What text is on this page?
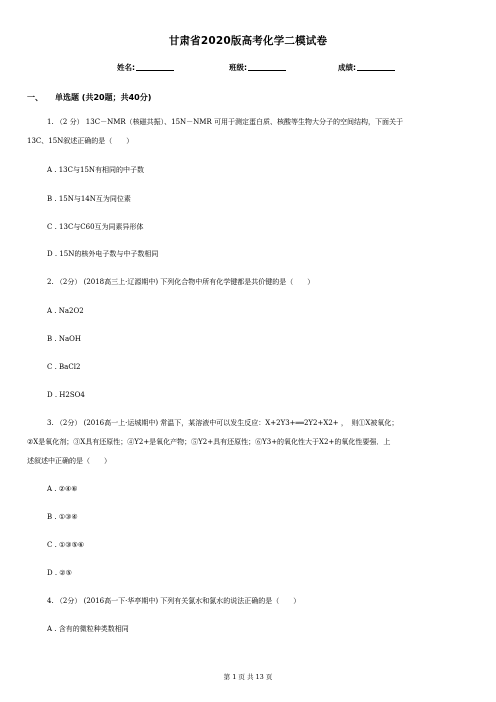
甘肃省2020版高考化学二模试卷
姓名:	班级:	成绩:
一、 单选题 (共20题；共40分)
1. （2 分） 13C－NMR（核磁共振）、15N－NMR 可用于测定蛋白质、核酸等生物大分子的空间结构，下面关于
13C、15N叙述正确的是（　　）
A . 13C与15N有相同的中子数
B . 15N与14N互为同位素
C . 13C与C60互为同素异形体
D . 15N的核外电子数与中子数相同
2. （2分） (2018高三上·辽源期中) 下列化合物中所有化学键都是共价键的是（　　）
A . Na2O2
B . NaOH
C . BaCl2
D . H2SO4
3. （2分） (2016高一上·运城期中) 常温下，某溶液中可以发生反应：X+2Y3+══2Y2+X2+ ，　则①X被氧化；
②X是氧化剂；③X具有还原性；④Y2+是氧化产物；⑤Y2+具有还原性；⑥Y3+的氧化性大于X2+的氧化性要强．上
述叙述中正确的是（　　）
A . ②④⑥
B . ①③④
C . ①③⑤⑥
D . ②⑤
4. （2分） (2016高一下·华亭期中) 下列有关氯水和氯水的说法正确的是（　　）
A . 含有的微粒种类数相同
第 1 页 共 13 页
